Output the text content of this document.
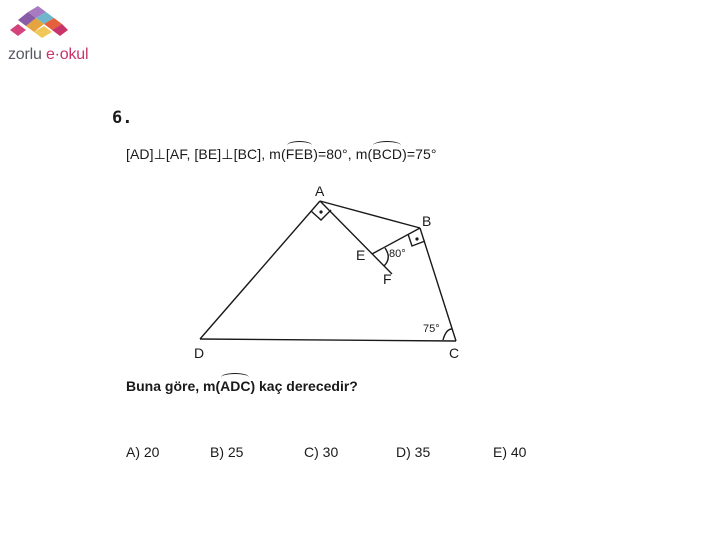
zorlu e·okul
6.
[AD]⊥[AF, [BE]⊥[BC], m(FEB)=80°, m(BCD)=75°
A
B
C
D
E
F
80°
75°
Buna göre, m(ADC) kaç derecedir?
A) 20	B) 25	C) 30	D) 35	E) 40
